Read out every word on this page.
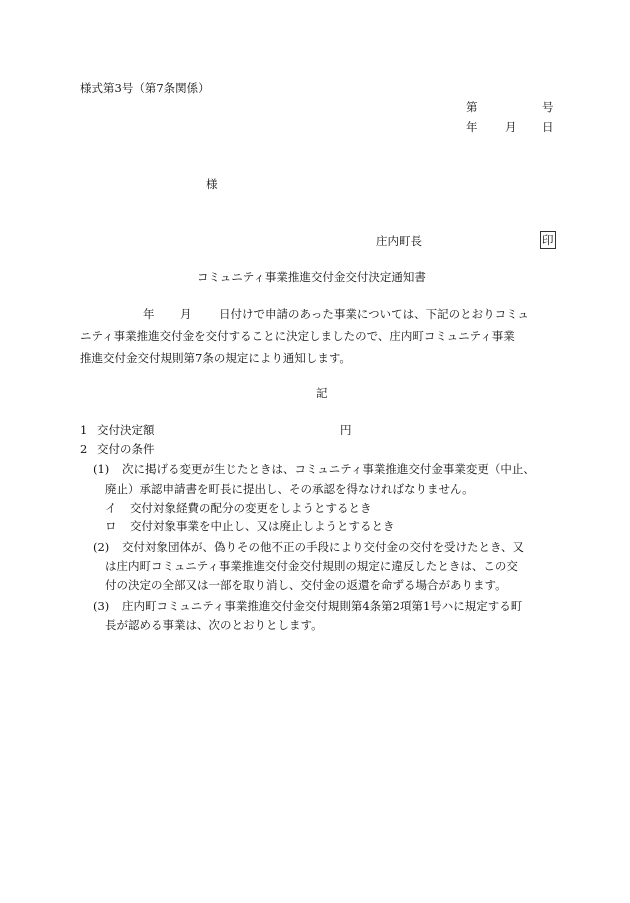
様式第3号（第7条関係）
第	号
年 月 日
様
庄内町長	印
コミュニティ事業推進交付金交付決定通知書
年 月 日付けで申請のあった事業については、下記のとおりコミュ
ニティ事業推進交付金を交付することに決定しましたので、庄内町コミュニティ事業
推進交付金交付規則第7条の規定により通知します。
記
1 交付決定額	円
2 交付の条件
(1) 次に掲げる変更が生じたときは、コミュニティ事業推進交付金事業変更（中止、
廃止）承認申請書を町長に提出し、その承認を得なければなりません。
イ 交付対象経費の配分の変更をしようとするとき
ロ 交付対象事業を中止し、又は廃止しようとするとき
(2) 交付対象団体が、偽りその他不正の手段により交付金の交付を受けたとき、又
は庄内町コミュニティ事業推進交付金交付規則の規定に違反したときは、この交
付の決定の全部又は一部を取り消し、交付金の返還を命ずる場合があります。
(3) 庄内町コミュニティ事業推進交付金交付規則第4条第2項第1号ハに規定する町
長が認める事業は、次のとおりとします。
